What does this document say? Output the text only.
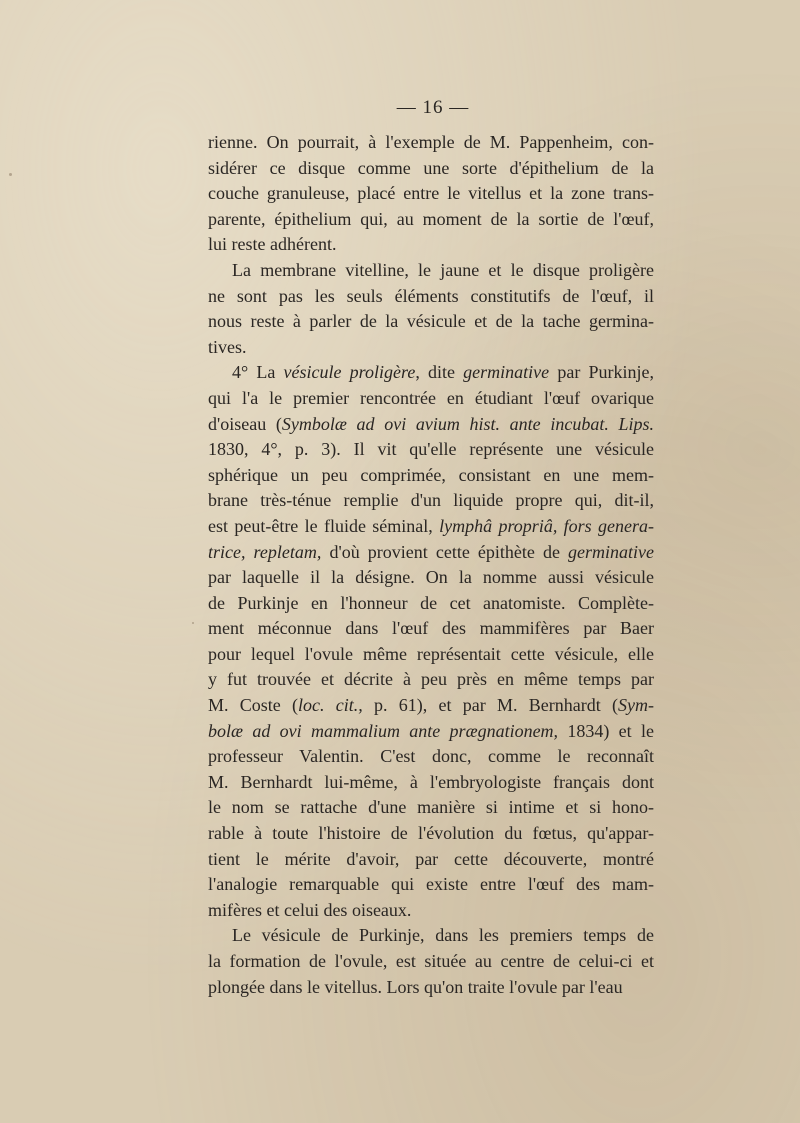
— 16 —
rienne. On pourrait, à l'exemple de M. Pappenheim, con-
sidérer ce disque comme une sorte d'épithelium de la
couche granuleuse, placé entre le vitellus et la zone trans-
parente, épithelium qui, au moment de la sortie de l'œuf,
lui reste adhérent.
La membrane vitelline, le jaune et le disque proligère
ne sont pas les seuls éléments constitutifs de l'œuf, il
nous reste à parler de la vésicule et de la tache germina-
tives.
4° La vésicule proligère, dite germinative par Purkinje,
qui l'a le premier rencontrée en étudiant l'œuf ovarique
d'oiseau (Symbolæ ad ovi avium hist. ante incubat. Lips.
1830, 4°, p. 3). Il vit qu'elle représente une vésicule
sphérique un peu comprimée, consistant en une mem-
brane très-ténue remplie d'un liquide propre qui, dit-il,
est peut-être le fluide séminal, lymphâ propriâ, fors genera-
trice, repletam, d'où provient cette épithète de germinative
par laquelle il la désigne. On la nomme aussi vésicule
de Purkinje en l'honneur de cet anatomiste. Complète-
ment méconnue dans l'œuf des mammifères par Baer
pour lequel l'ovule même représentait cette vésicule, elle
y fut trouvée et décrite à peu près en même temps par
M. Coste (loc. cit., p. 61), et par M. Bernhardt (Sym-
bolæ ad ovi mammalium ante prægnationem, 1834) et le
professeur Valentin. C'est donc, comme le reconnaît
M. Bernhardt lui-même, à l'embryologiste français dont
le nom se rattache d'une manière si intime et si hono-
rable à toute l'histoire de l'évolution du fœtus, qu'appar-
tient le mérite d'avoir, par cette découverte, montré
l'analogie remarquable qui existe entre l'œuf des mam-
mifères et celui des oiseaux.
Le vésicule de Purkinje, dans les premiers temps de
la formation de l'ovule, est située au centre de celui-ci et
plongée dans le vitellus. Lors qu'on traite l'ovule par l'eau
